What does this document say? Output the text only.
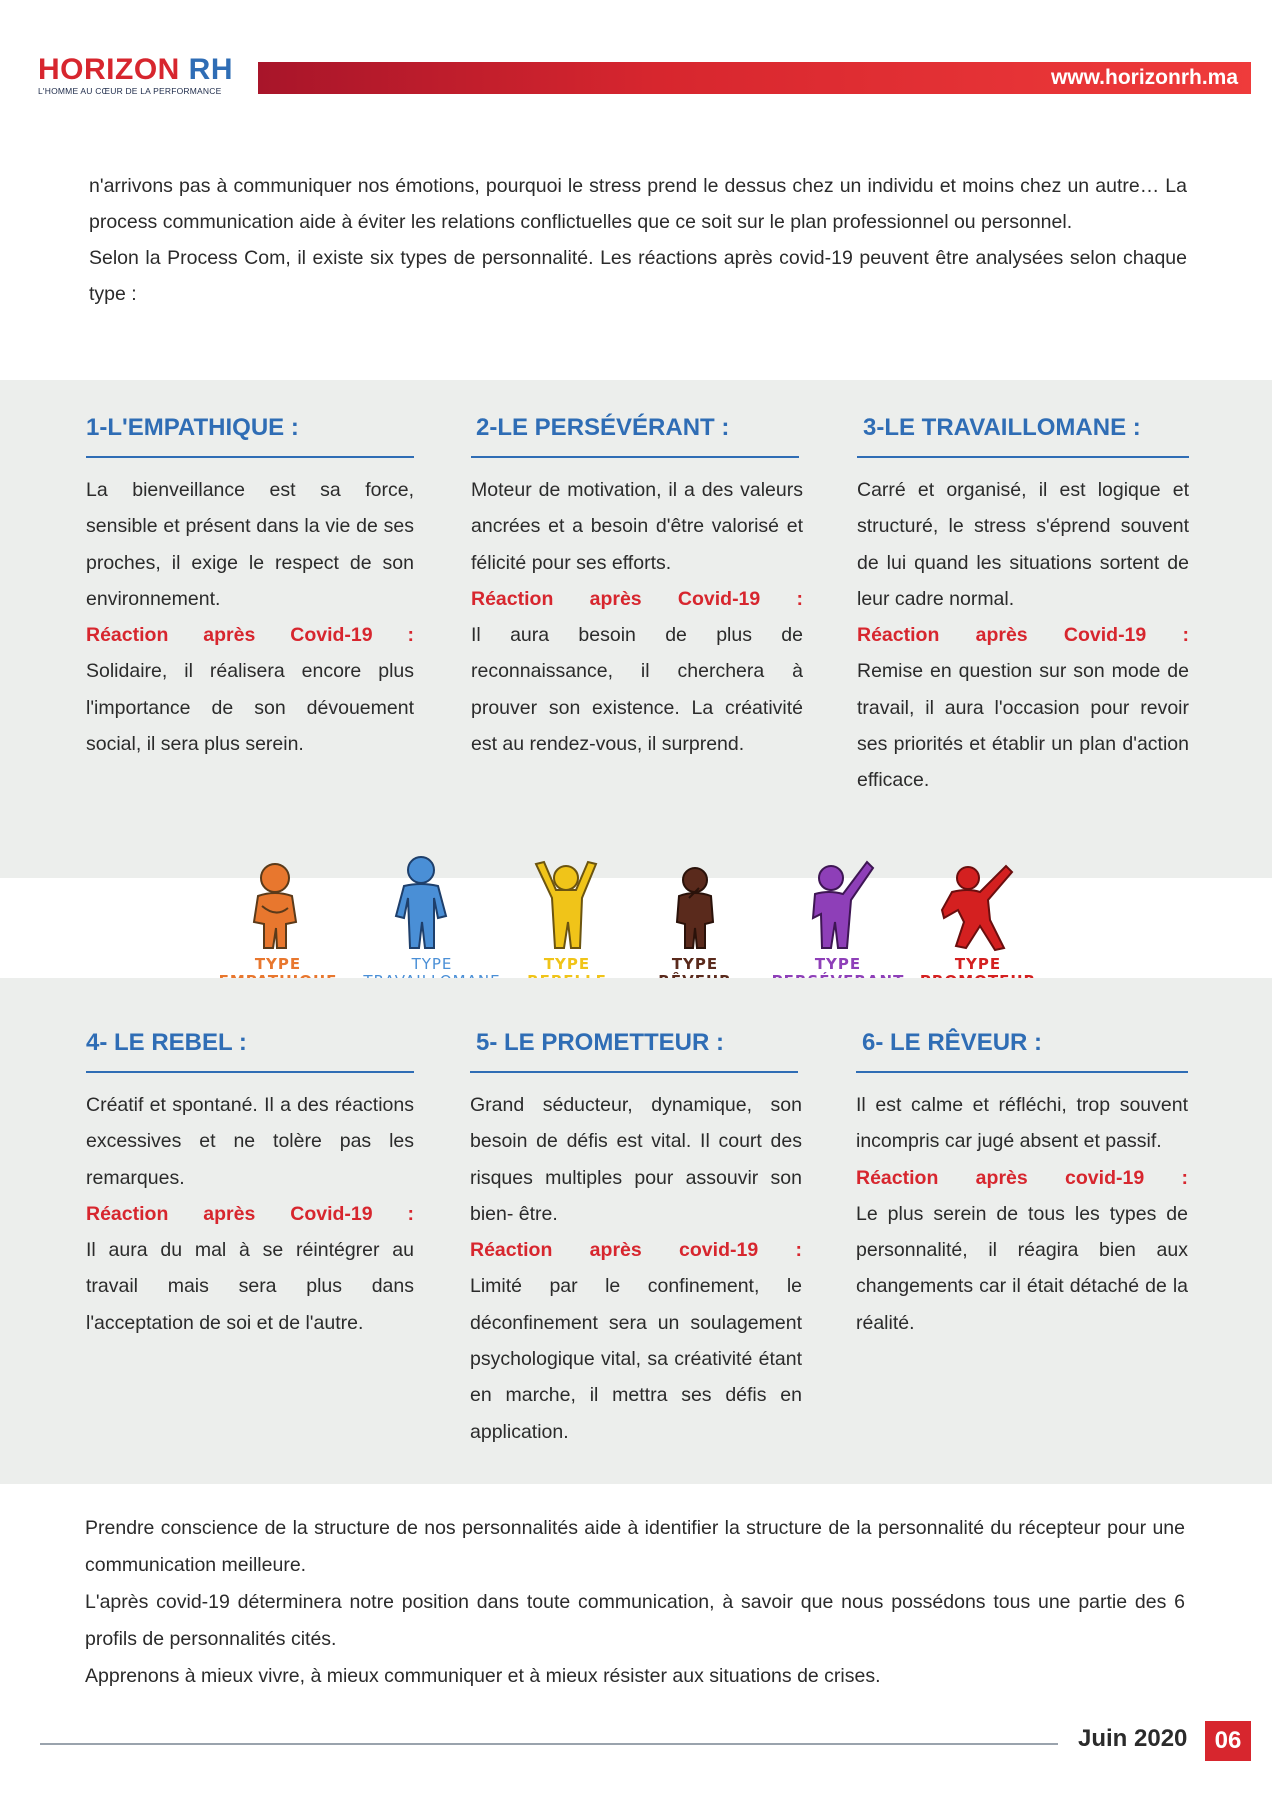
HORIZON RH
L'HOMME AU CŒUR DE LA PERFORMANCE
www.horizonrh.ma

n'arrivons pas à communiquer nos émotions, pourquoi le stress prend le dessus chez un individu et moins chez un autre… La process communication aide à éviter les relations conflictuelles que ce soit sur le plan professionnel ou personnel.

Selon la Process Com, il existe six types de personnalité. Les réactions après covid-19 peuvent être analysées selon chaque type :

1-L'EMPATHIQUE :
La bienveillance est sa force, sensible et présent dans la vie de ses proches, il exige le respect de son environnement.
Réaction après Covid-19 :
Solidaire, il réalisera encore plus l'importance de son dévouement social, il sera plus serein.
2-LE PERSÉVÉRANT :
Moteur de motivation, il a des valeurs ancrées et a besoin d'être valorisé et félicité pour ses efforts.
Réaction après Covid-19 :
Il aura besoin de plus de reconnaissance, il cherchera à prouver son existence. La créativité est au rendez-vous, il surprend.
3-LE TRAVAILLOMANE :
Carré et organisé, il est logique et structuré, le stress s'éprend souvent de lui quand les situations sortent de leur cadre normal.
Réaction après Covid-19 :
Remise en question sur son mode de travail, il aura l'occasion pour revoir ses priorités et établir un plan d'action efficace.
TYPE	TYPE	TYPE	TYPE	TYPE	TYPE
4- LE REBEL :
Créatif et spontané. Il a des réactions excessives et ne tolère pas les remarques.
Réaction après Covid-19 :
Il aura du mal à se réintégrer au travail mais sera plus dans l'acceptation de soi et de l'autre.
5- LE PROMETTEUR :
Grand séducteur, dynamique, son besoin de défis est vital. Il court des risques multiples pour assouvir son bien- être.
Réaction après covid-19 :
Limité par le confinement, le déconfinement sera un soulagement psychologique vital, sa créativité étant en marche, il mettra ses défis en application.
6- LE RÊVEUR :
Il est calme et réfléchi, trop souvent incompris car jugé absent et passif.
Réaction après covid-19 :
Le plus serein de tous les types de personnalité, il réagira bien aux changements car il était détaché de la réalité.

Prendre conscience de la structure de nos personnalités aide à identifier la structure de la personnalité du récepteur pour une communication meilleure.

L'après covid-19 déterminera notre position dans toute communication, à savoir que nous possédons tous une partie des 6 profils de personnalités cités.

Apprenons à mieux vivre, à mieux communiquer et à mieux résister aux situations de crises.

Juin 2020	06
